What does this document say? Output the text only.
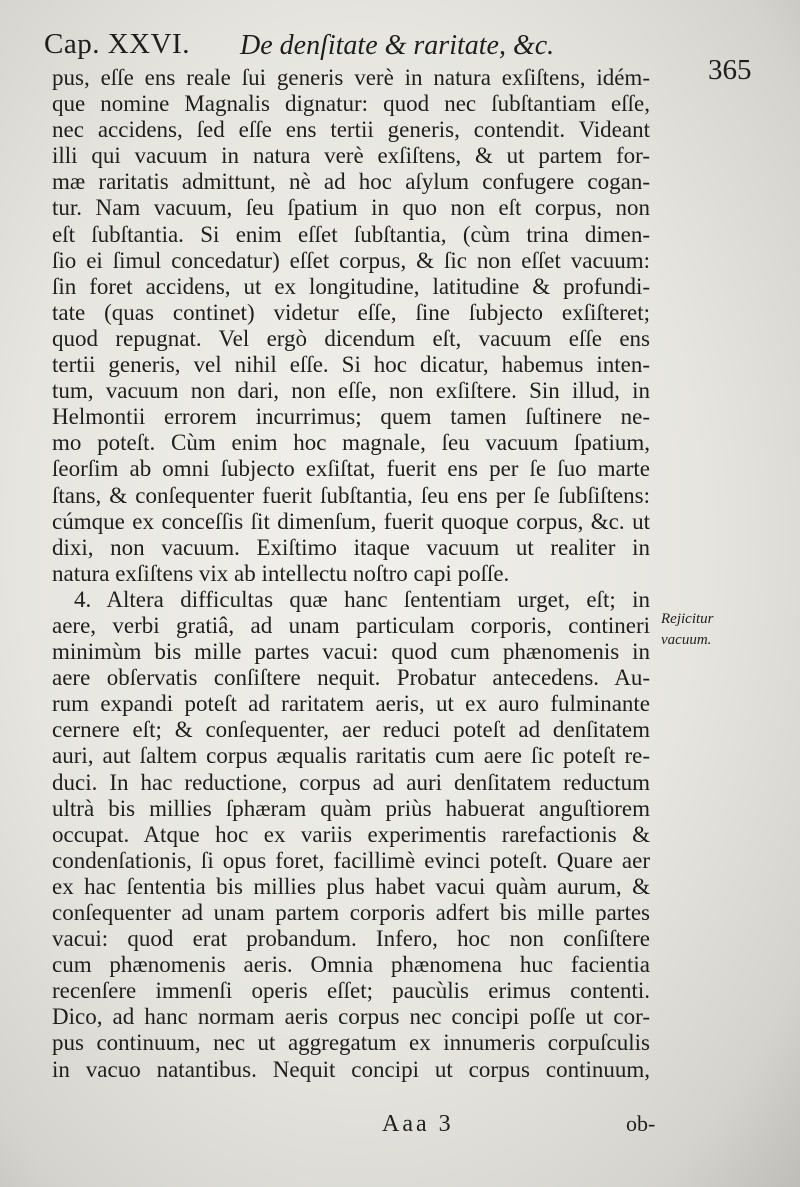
Cap. XXVI. De denſitate & raritate, &c.
365
pus, eſſe ens reale ſui generis verè in natura exſiſtens, idém-
que nomine Magnalis dignatur: quod nec ſubſtantiam eſſe,
nec accidens, ſed eſſe ens tertii generis, contendit. Videant
illi qui vacuum in natura verè exſiſtens, & ut partem for-
mæ raritatis admittunt, nè ad hoc aſylum confugere cogan-
tur. Nam vacuum, ſeu ſpatium in quo non eſt corpus, non
eſt ſubſtantia. Si enim eſſet ſubſtantia, (cùm trina dimen-
ſio ei ſimul concedatur) eſſet corpus, & ſic non eſſet vacuum:
ſin foret accidens, ut ex longitudine, latitudine & profundi-
tate (quas continet) videtur eſſe, ſine ſubjecto exſiſteret;
quod repugnat. Vel ergò dicendum eſt, vacuum eſſe ens
tertii generis, vel nihil eſſe. Si hoc dicatur, habemus inten-
tum, vacuum non dari, non eſſe, non exſiſtere. Sin illud, in
Helmontii errorem incurrimus; quem tamen ſuſtinere ne-
mo poteſt. Cùm enim hoc magnale, ſeu vacuum ſpatium,
ſeorſim ab omni ſubjecto exſiſtat, fuerit ens per ſe ſuo marte
ſtans, & conſequenter fuerit ſubſtantia, ſeu ens per ſe ſubſiſtens:
cúmque ex conceſſis ſit dimenſum, fuerit quoque corpus, &c. ut
dixi, non vacuum. Exiſtimo itaque vacuum ut realiter in
natura exſiſtens vix ab intellectu noſtro capi poſſe.
4. Altera difficultas quæ hanc ſententiam urget, eſt; in
aere, verbi gratiâ, ad unam particulam corporis, contineri
minimùm bis mille partes vacui: quod cum phænomenis in
aere obſervatis conſiſtere nequit. Probatur antecedens. Au-
rum expandi poteſt ad raritatem aeris, ut ex auro fulminante
cernere eſt; & conſequenter, aer reduci poteſt ad denſitatem
auri, aut ſaltem corpus æqualis raritatis cum aere ſic poteſt re-
duci. In hac reductione, corpus ad auri denſitatem reductum
ultrà bis millies ſphæram quàm priùs habuerat anguſtiorem
occupat. Atque hoc ex variis experimentis rarefactionis &
condenſationis, ſi opus foret, facillimè evinci poteſt. Quare aer
ex hac ſententia bis millies plus habet vacui quàm aurum, &
conſequenter ad unam partem corporis adfert bis mille partes
vacui: quod erat probandum. Infero, hoc non conſiſtere
cum phænomenis aeris. Omnia phænomena huc facientia
recenſere immenſi operis eſſet; paucùlis erimus contenti.
Dico, ad hanc normam aeris corpus nec concipi poſſe ut cor-
pus continuum, nec ut aggregatum ex innumeris corpuſculis
in vacuo natantibus. Nequit concipi ut corpus continuum,
Rejicitur
vacuum.
Aaa 3	ob-
